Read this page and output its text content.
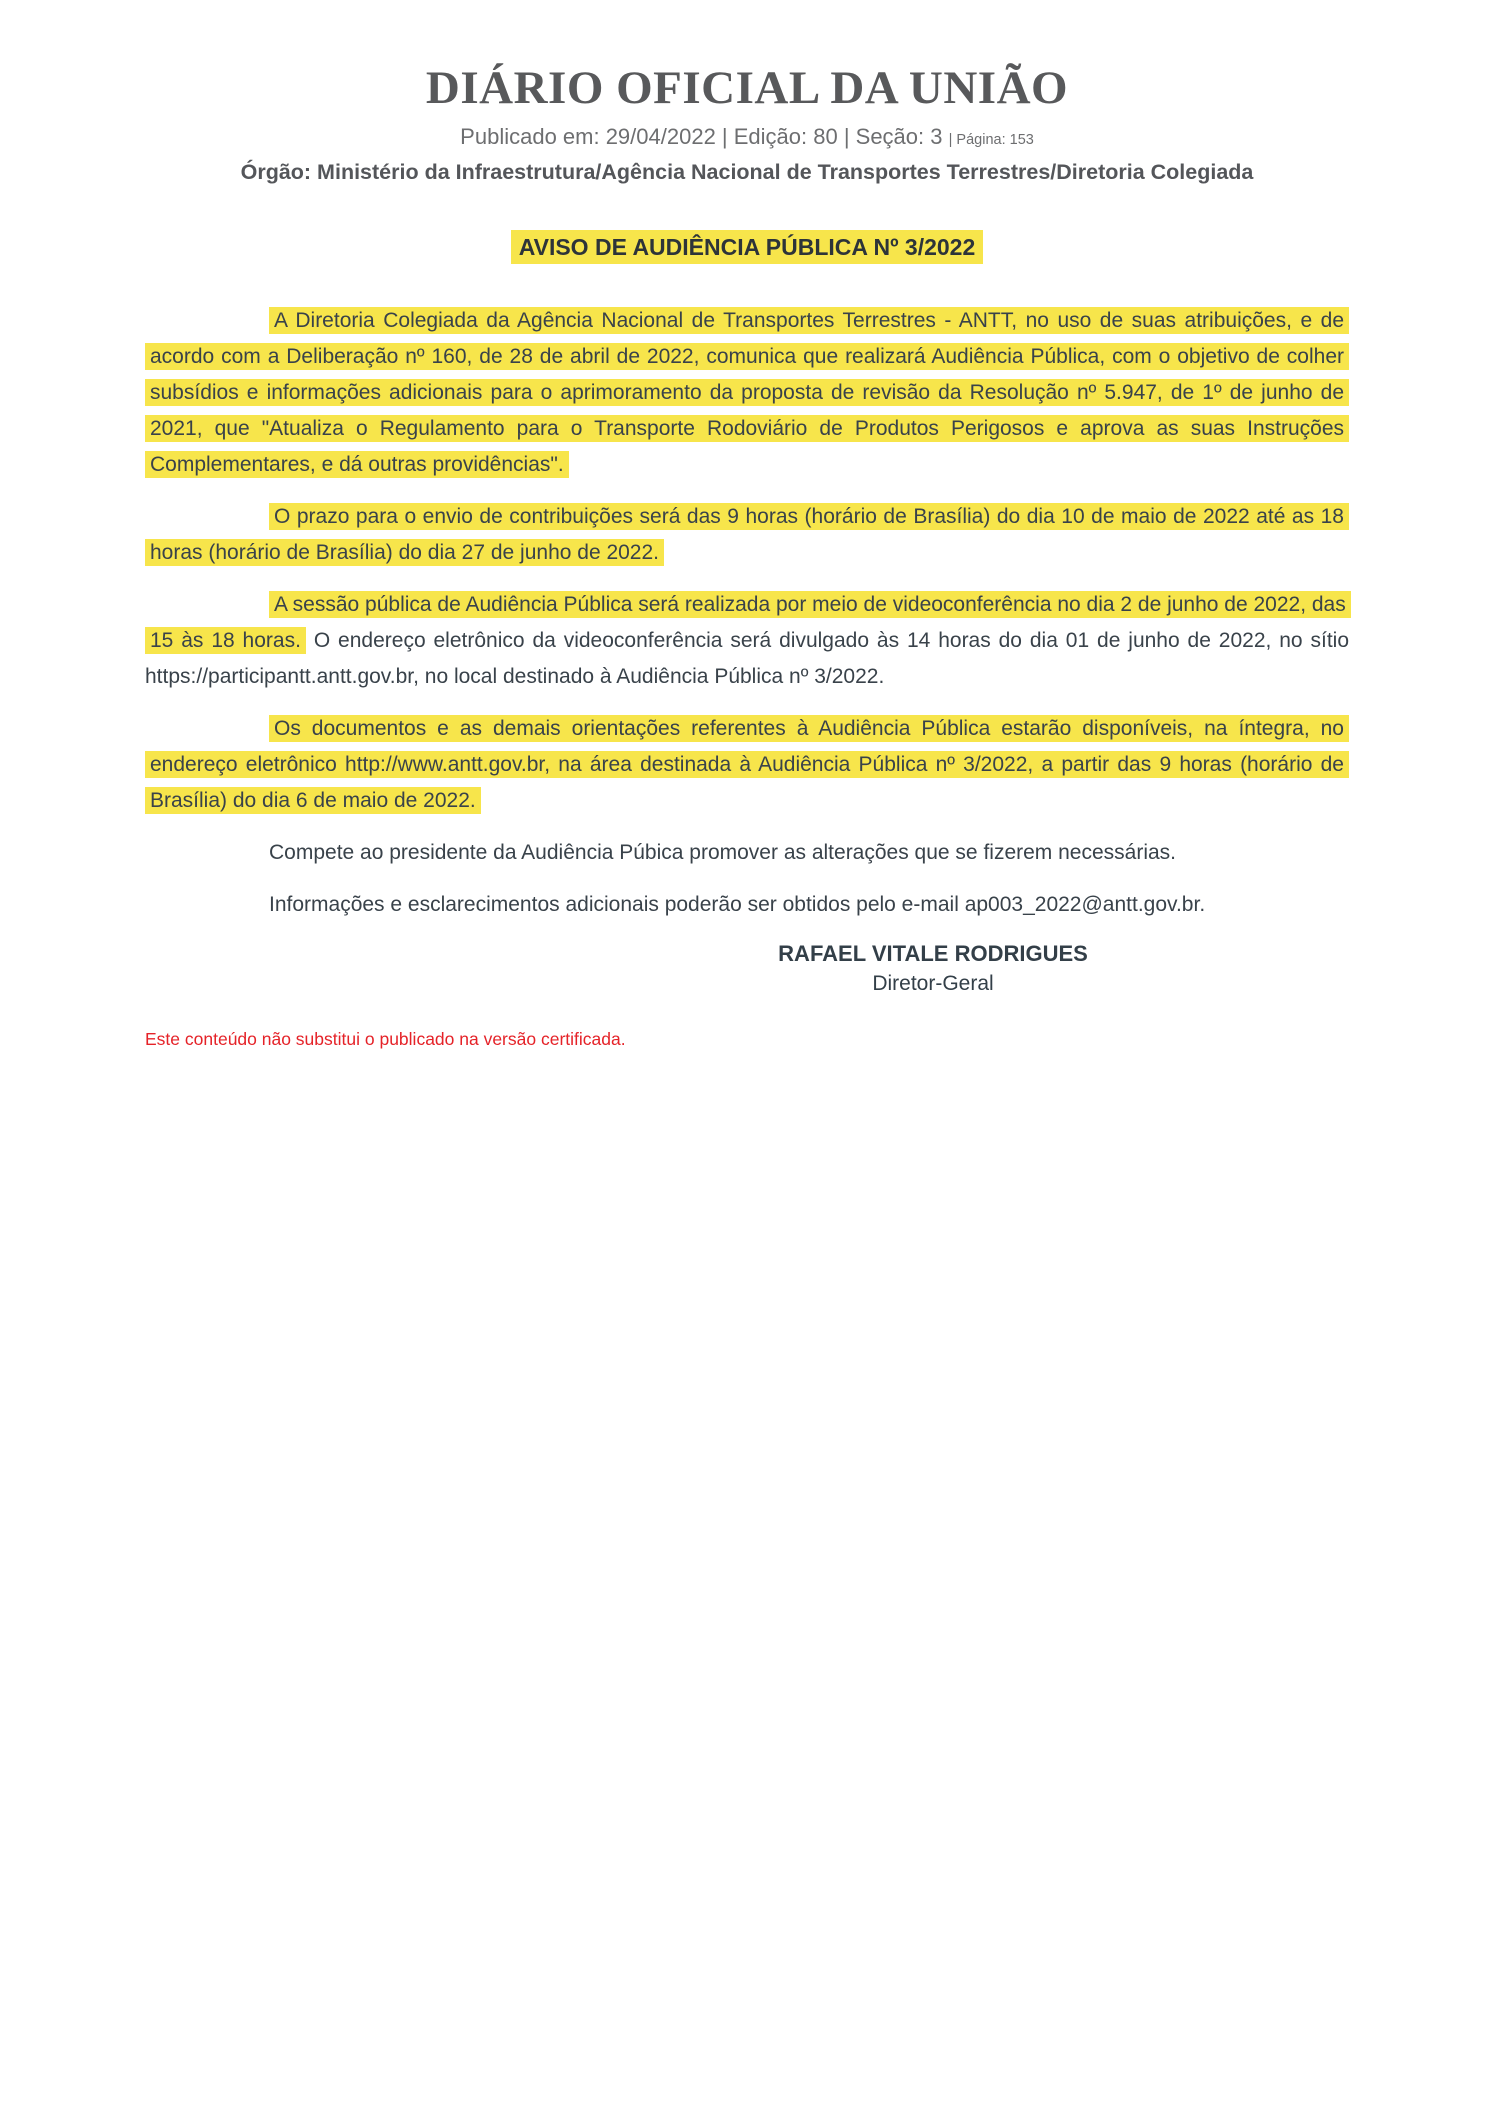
DIÁRIO OFICIAL DA UNIÃO
Publicado em: 29/04/2022 | Edição: 80 | Seção: 3 | Página: 153
Órgão: Ministério da Infraestrutura/Agência Nacional de Transportes Terrestres/Diretoria Colegiada
AVISO DE AUDIÊNCIA PÚBLICA Nº 3/2022

A Diretoria Colegiada da Agência Nacional de Transportes Terrestres - ANTT, no uso de suas atribuições, e de acordo com a Deliberação nº 160, de 28 de abril de 2022, comunica que realizará Audiência Pública, com o objetivo de colher subsídios e informações adicionais para o aprimoramento da proposta de revisão da Resolução nº 5.947, de 1º de junho de 2021, que "Atualiza o Regulamento para o Transporte Rodoviário de Produtos Perigosos e aprova as suas Instruções Complementares, e dá outras providências".

O prazo para o envio de contribuições será das 9 horas (horário de Brasília) do dia 10 de maio de 2022 até as 18 horas (horário de Brasília) do dia 27 de junho de 2022.

A sessão pública de Audiência Pública será realizada por meio de videoconferência no dia 2 de junho de 2022, das 15 às 18 horas. O endereço eletrônico da videoconferência será divulgado às 14 horas do dia 01 de junho de 2022, no sítio https://participantt.antt.gov.br, no local destinado à Audiência Pública nº 3/2022.

Os documentos e as demais orientações referentes à Audiência Pública estarão disponíveis, na íntegra, no endereço eletrônico http://www.antt.gov.br, na área destinada à Audiência Pública nº 3/2022, a partir das 9 horas (horário de Brasília) do dia 6 de maio de 2022.

Compete ao presidente da Audiência Púbica promover as alterações que se fizerem necessárias.

Informações e esclarecimentos adicionais poderão ser obtidos pelo e-mail ap003_2022@antt.gov.br.

RAFAEL VITALE RODRIGUES
Diretor-Geral
Este conteúdo não substitui o publicado na versão certificada.
